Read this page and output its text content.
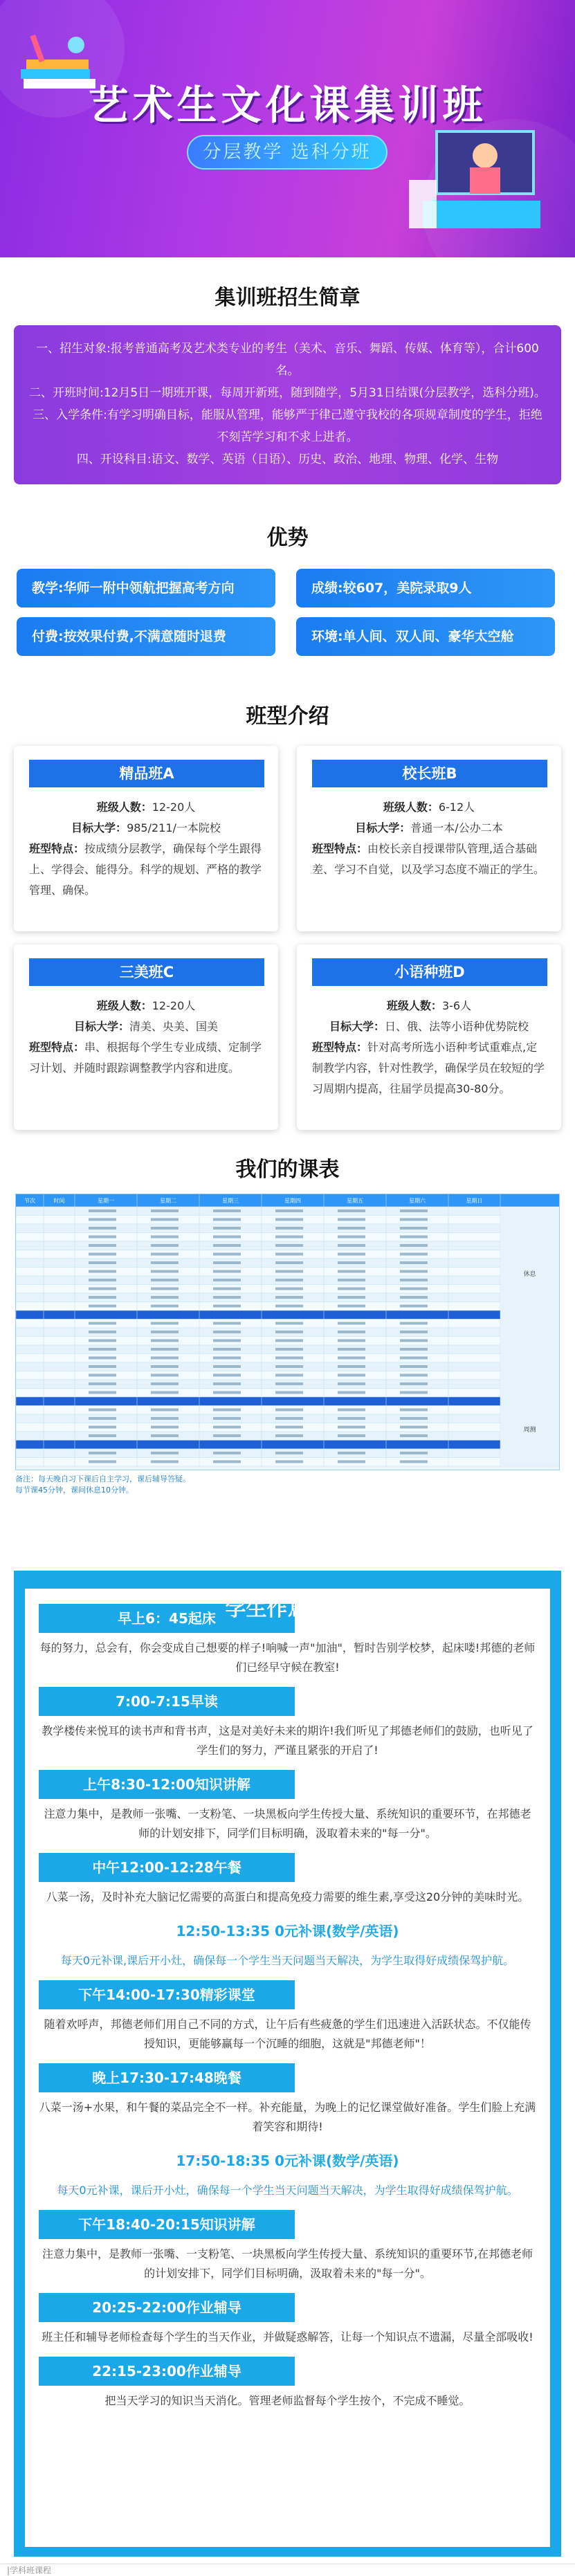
艺术生文化课集训班
分层教学 选科分班
集训班招生简章

一、招生对象:报考普通高考及艺术类专业的考生（美术、音乐、舞蹈、传媒、体育等），合计600名。

二、开班时间:12月5日一期班开课，每周开新班，随到随学，5月31日结课(分层教学，选科分班)。

三、入学条件:有学习明确目标，能服从管理，能够严于律己遵守我校的各项规章制度的学生，拒绝不刻苦学习和不求上进者。

四、开设科目:语文、数学、英语（日语）、历史、政治、地理、物理、化学、生物

优势
教学:华师一附中领航把握高考方向	成绩:较607，美院录取9人
付费:按效果付费,不满意随时退费	环境:单人间、双人间、豪华太空舱
班型介绍
精品班A
班级人数：12-20人
目标大学：985/211/一本院校
班型特点：按成绩分层教学，确保每个学生跟得上、学得会、能得分。科学的规划、严格的教学管理、确保。
校长班B
班级人数：6-12人
目标大学：普通一本/公办二本
班型特点：由校长亲自授课带队管理,适合基础差、学习不自觉，以及学习态度不端正的学生。
三美班C
班级人数：12-20人
目标大学：清美、央美、国美
班型特点：串、根据每个学生专业成绩、定制学习计划、并随时跟踪调整教学内容和进度。
小语种班D
班级人数：3-6人
目标大学：日、俄、法等小语种优势院校
班型特点：针对高考所选小语种考试重难点,定制教学内容，针对性教学，确保学员在较短的学习周期内提高，往届学员提高30-80分。
我们的课表
节次	时间	星期一	星期二	星期三	星期四	星期五	星期六	星期日
休息
周测
备注：每天晚自习下课后自主学习，课后辅导答疑。
每节课45分钟，课间休息10分钟。
早上6：45起床
每的努力，总会有，你会变成自己想要的样子!响喊一声"加油"，暂时告别学校梦，起床喽!邦德的老师们已经早守候在教室!
7:00-7:15早读
教学楼传来悦耳的读书声和背书声，这是对美好未来的期许!我们听见了邦德老师们的鼓励，也听见了学生们的努力，严谨且紧张的开启了!
上午8:30-12:00知识讲解
注意力集中，是教师一张嘴、一支粉笔、一块黑板向学生传授大量、系统知识的重要环节，在邦德老师的计划安排下，同学们目标明确，汲取着未来的"每一分"。
中午12:00-12:28午餐
八菜一汤，及时补充大脑记忆需要的高蛋白和提高免疫力需要的维生素,享受这20分钟的美味时光。
12:50-13:35 0元补课(数学/英语)
每天0元补课,课后开小灶，确保每一个学生当天问题当天解决，为学生取得好成绩保驾护航。
下午14:00-17:30精彩课堂
随着欢呼声，邦德老师们用自己不同的方式，让午后有些疲惫的学生们迅速进入活跃状态。不仅能传授知识，更能够赢每一个沉睡的细胞，这就是"邦德老师"！
晚上17:30-17:48晚餐
八菜一汤+水果，和午餐的菜品完全不一样。补充能量，为晚上的记忆课堂做好准备。学生们脸上充满着笑容和期待!
17:50-18:35 0元补课(数学/英语)
每天0元补课，课后开小灶，确保每一个学生当天问题当天解决，为学生取得好成绩保驾护航。
下午18:40-20:15知识讲解
注意力集中，是教师一张嘴、一支粉笔、一块黑板向学生传授大量、系统知识的重要环节,在邦德老师的计划安排下，同学们目标明确，汲取着未来的"每一分"。
20:25-22:00作业辅导
班主任和辅导老师检查每个学生的当天作业，并做疑惑解答，让每一个知识点不遗漏，尽量全部吸收!
22:15-23:00作业辅导
把当天学习的知识当天消化。管理老师监督每个学生按个，不完成不睡觉。
学生作息时间
|学科班课程
